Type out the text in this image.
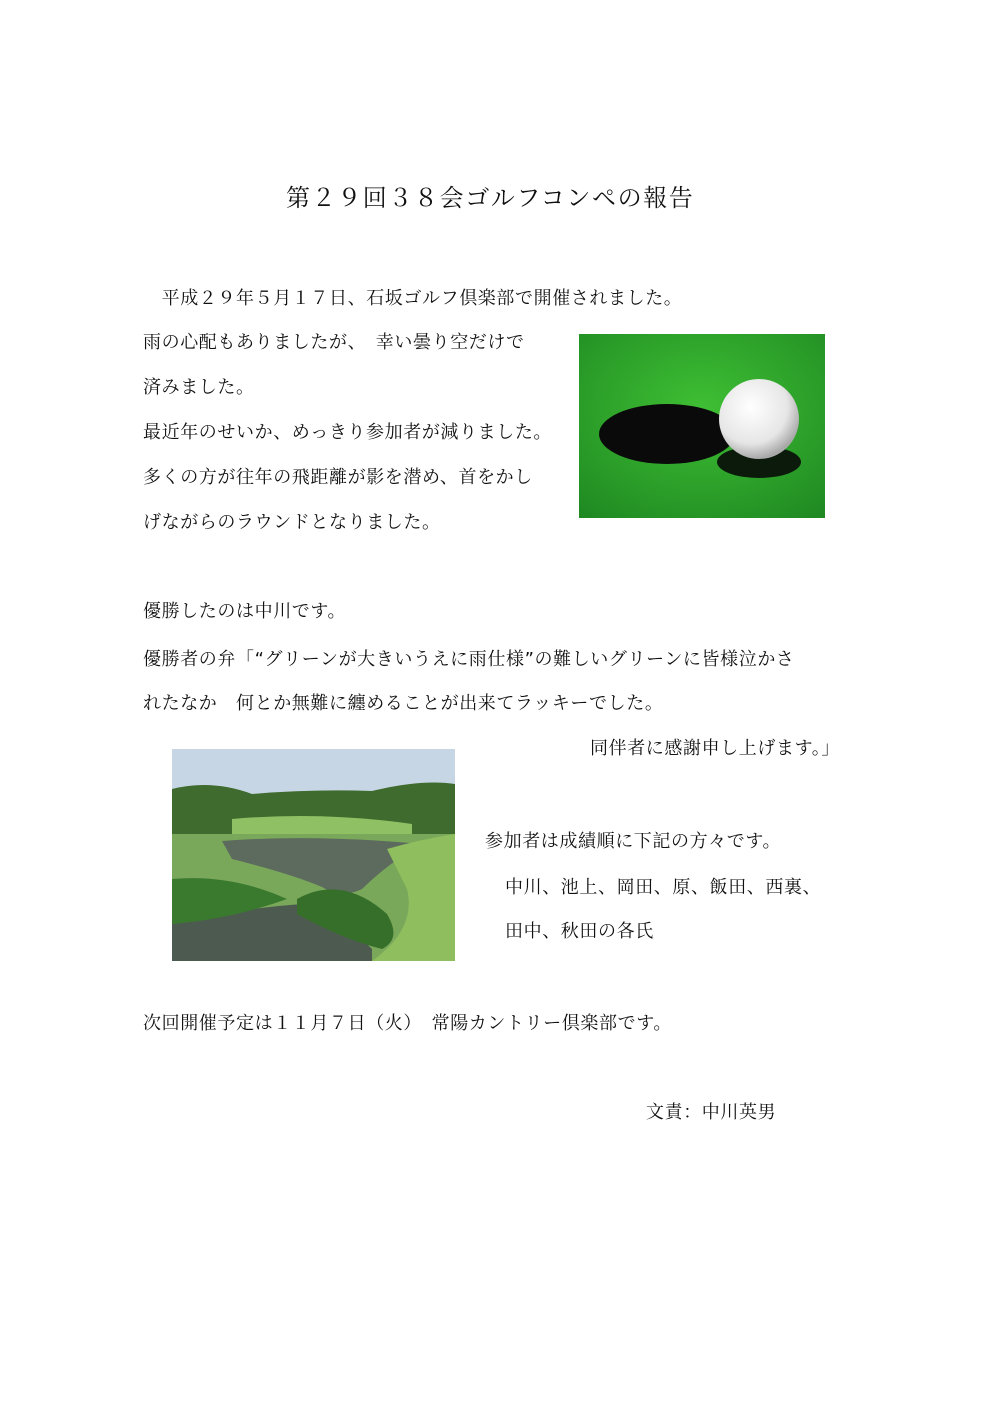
第２９回３８会ゴルフコンペの報告
　平成２９年５月１７日、石坂ゴルフ倶楽部で開催されました。
雨の心配もありましたが、　幸い曇り空だけで
済みました。
最近年のせいか、めっきり参加者が減りました。
多くの方が往年の飛距離が影を潜め、首をかし
げながらのラウンドとなりました。
優勝したのは中川です。
優勝者の弁「“グリーンが大きいうえに雨仕様”の難しいグリーンに皆様泣かさ
れたなか　何とか無難に纏めることが出来てラッキーでした。
同伴者に感謝申し上げます。」
参加者は成績順に下記の方々です。
中川、池上、岡田、原、飯田、西裏、
田中、秋田の各氏
次回開催予定は１１月７日（火）　常陽カントリー倶楽部です。
文責：中川英男
